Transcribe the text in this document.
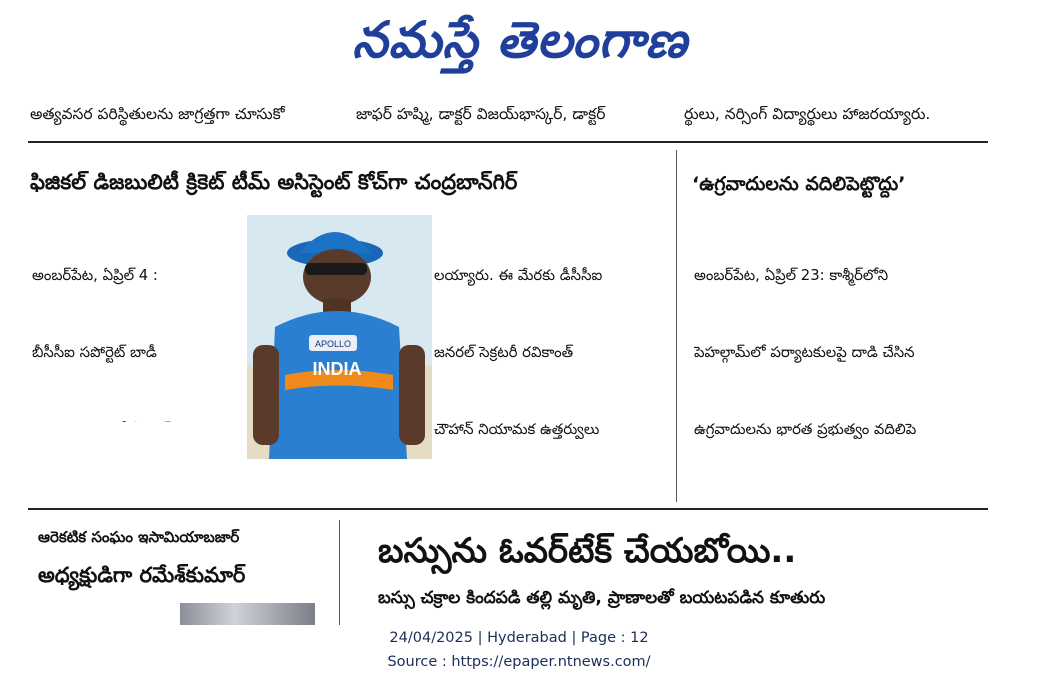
నమస్తే తెలంగాణ
అత్యవసర పరిస్థితులను జాగ్రత్తగా చూసుకో	జాఫర్ హష్మి, డాక్టర్ విజయ్‌భాస్కర్, డాక్టర్	ర్థులు, నర్సింగ్ విద్యార్థులు హాజరయ్యారు.
ఫిజికల్ డిజబులిటీ క్రికెట్ టీమ్ అసిస్టెంట్ కోచ్‌గా చంద్రబాన్‌గిర్	‘ఉగ్రవాదులను వదిలిపెట్టొద్దు’

అంబర్‌పేట, ఏప్రిల్ 4 :

బీసీసీఐ సపోర్టెట్ బాడీ

	APOLLO
INDIA

లయ్యారు. ఈ మేరకు డీసీసీఐ

జనరల్ సెక్రటరీ రవికాంత్

చౌహాన్ నియామక ఉత్తర్వులు

అంబర్‌పేట, ఏప్రిల్ 23: కాశ్మీర్‌లోని

పెహల్గామ్‌లో పర్యాటకులపై దాడి చేసిన

ఉగ్రవాదులను భారత ప్రభుత్వం వదిలిపె

ఆరెకటిక సంఘం ఇసామియాబజార్
అధ్యక్షుడిగా రమేశ్‌కుమార్
బస్సును ఓవర్‌టేక్ చేయబోయి..
బస్సు చక్రాల కిందపడి తల్లి మృతి, ప్రాణాలతో బయటపడిన కూతురు
24/04/2025 | Hyderabad | Page : 12
Source : https://epaper.ntnews.com/
